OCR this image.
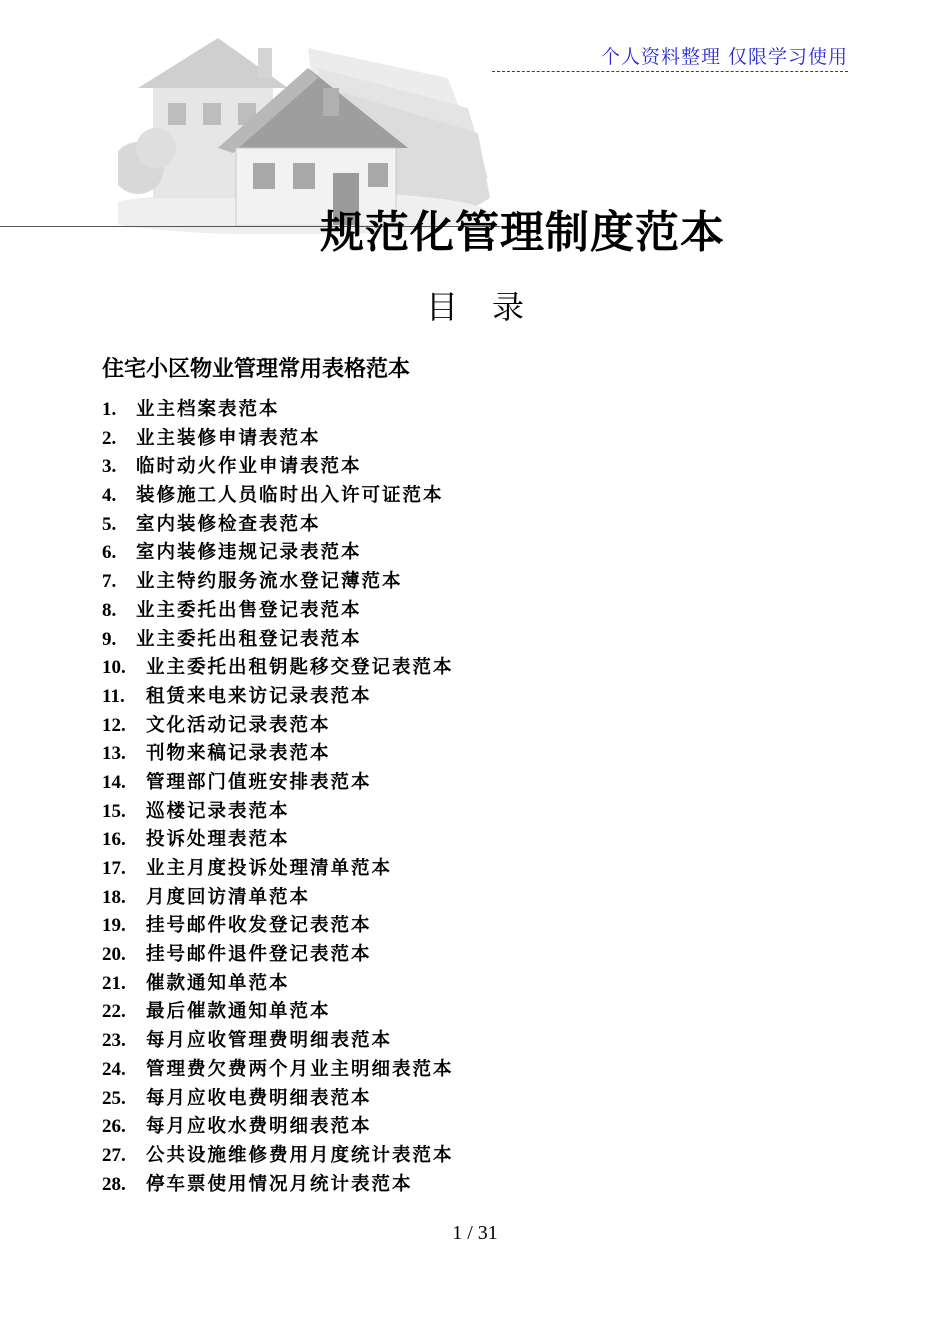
个人资料整理 仅限学习使用
规范化管理制度范本
目录
住宅小区物业管理常用表格范本
1.	业主档案表范本
2.	业主装修申请表范本
3.	临时动火作业申请表范本
4.	装修施工人员临时出入许可证范本
5.	室内装修检查表范本
6.	室内装修违规记录表范本
7.	业主特约服务流水登记薄范本
8.	业主委托出售登记表范本
9.	业主委托出租登记表范本
10.	业主委托出租钥匙移交登记表范本
11.	租赁来电来访记录表范本
12.	文化活动记录表范本
13.	刊物来稿记录表范本
14.	管理部门值班安排表范本
15.	巡楼记录表范本
16.	投诉处理表范本
17.	业主月度投诉处理清单范本
18.	月度回访清单范本
19.	挂号邮件收发登记表范本
20.	挂号邮件退件登记表范本
21.	催款通知单范本
22.	最后催款通知单范本
23.	每月应收管理费明细表范本
24.	管理费欠费两个月业主明细表范本
25.	每月应收电费明细表范本
26.	每月应收水费明细表范本
27.	公共设施维修费用月度统计表范本
28.	停车票使用情况月统计表范本
1 / 31
